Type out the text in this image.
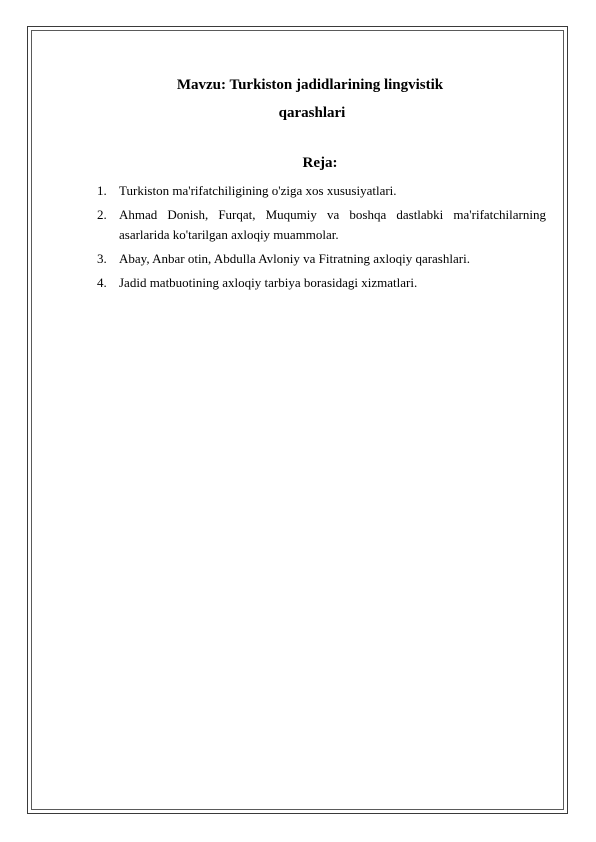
Mavzu: Turkiston jadidlarining lingvistik
qarashlari
Reja:
1. Turkiston ma'rifatchiligining o'ziga xos xususiyatlari.
2. Ahmad Donish, Furqat, Muqumiy va boshqa dastlabki ma'rifatchilarning asarlarida ko'tarilgan axloqiy muammolar.
3. Abay, Anbar otin, Abdulla Avloniy va Fitratning axloqiy qarashlari.
4. Jadid matbuotining axloqiy tarbiya borasidagi xizmatlari.
